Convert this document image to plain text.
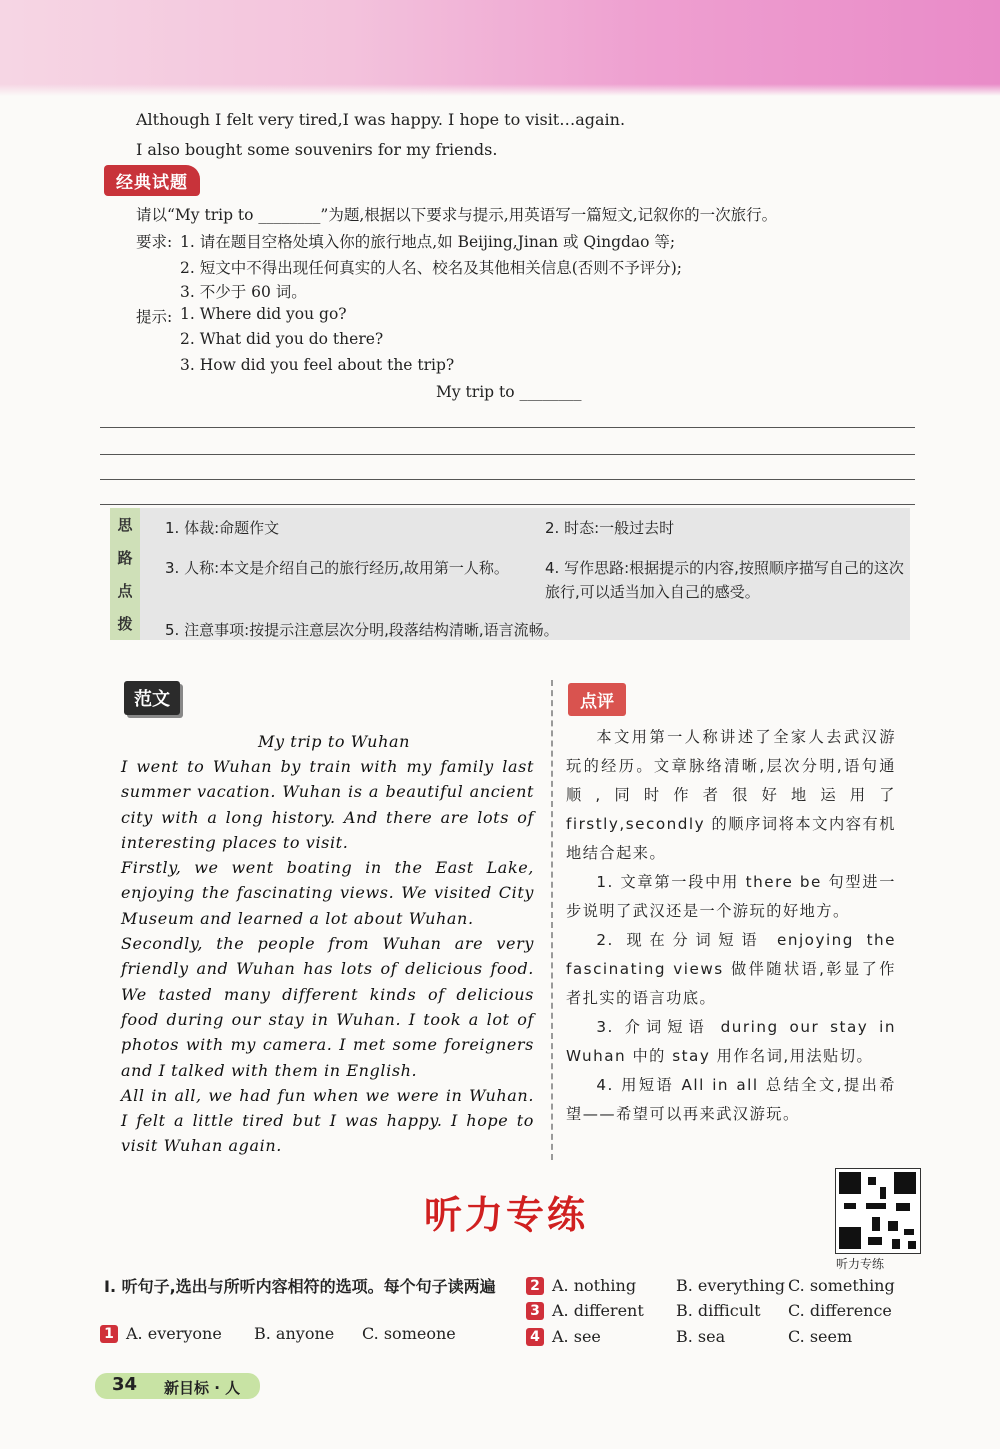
Although I felt very tired,I was happy. I hope to visit…again.
I also bought some souvenirs for my friends.
经典试题
请以“My trip to ________”为题,根据以下要求与提示,用英语写一篇短文,记叙你的一次旅行。
要求: 1. 请在题目空格处填入你的旅行地点,如 Beijing,Jinan 或 Qingdao 等;
2. 短文中不得出现任何真实的人名、校名及其他相关信息(否则不予评分);
3. 不少于 60 词。
提示: 1. Where did you go?
2. What did you do there?
3. How did you feel about the trip?
My trip to ________
思
路
点
拨
1. 体裁:命题作文	2. 时态:一般过去时
3. 人称:本文是介绍自己的旅行经历,故用第一人称。	4. 写作思路:根据提示的内容,按照顺序描写自己的这次旅行,可以适当加入自己的感受。
5. 注意事项:按提示注意层次分明,段落结构清晰,语言流畅。
范文
My trip to Wuhan
I went to Wuhan by train with my family last summer vacation. Wuhan is a beautiful ancient city with a long history. And there are lots of interesting places to visit.
Firstly, we went boating in the East Lake, enjoying the fascinating views. We visited City Museum and learned a lot about Wuhan.
Secondly, the people from Wuhan are very friendly and Wuhan has lots of delicious food. We tasted many different kinds of delicious food during our stay in Wuhan. I took a lot of photos with my camera. I met some foreigners and I talked with them in English.
All in all, we had fun when we were in Wuhan. I felt a little tired but I was happy. I hope to visit Wuhan again.
点评
本文用第一人称讲述了全家人去武汉游玩的经历。文章脉络清晰,层次分明,语句通顺,同时作者很好地运用了 firstly,secondly 的顺序词将本文内容有机地结合起来。
1. 文章第一段中用 there be 句型进一步说明了武汉还是一个游玩的好地方。
2. 现在分词短语 enjoying the fascinating views 做伴随状语,彰显了作者扎实的语言功底。
3. 介词短语 during our stay in Wuhan 中的 stay 用作名词,用法贴切。
4. 用短语 All in all 总结全文,提出希望——希望可以再来武汉游玩。
听力专练
听力专练
Ⅰ. 听句子,选出与所听内容相符的选项。每个句子读两遍
1 A. everyone B. anyone C. someone
2 A. nothing B. everything C. something
3 A. different B. difficult C. difference
4 A. see	B. sea	C. seem
34 新目标 · 人
